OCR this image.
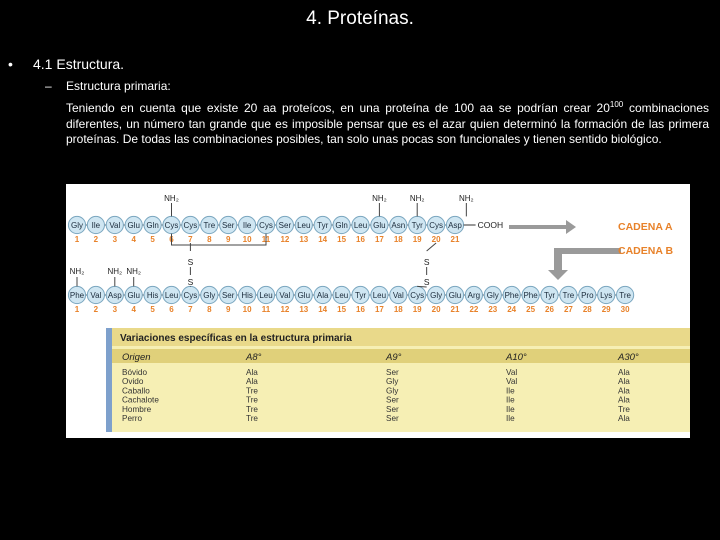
4. Proteínas.
• 4.1 Estructura.
– Estructura primaria:
Teniendo en cuenta que existe 20 aa proteícos, en una proteína de 100 aa se podrían crear $20^{100}$ combinaciones diferentes, un número tan grande que es imposible pensar que es el azar quien determinó la formación de las primera proteínas. De todas las combinaciones posibles, tan solo unas pocas son funcionales y tienen sentido biológico.
Gly
1
Ile
2
Val
3
Glu
4
Gln
5
Cys
6
Cys
7
Tre
8
Ser
9
Ile
10
Cys
11
Ser
12
Leu
13
Tyr
14
Gln
15
Leu
16
Glu
17
Asn
18
Tyr
19
Cys
20
Asp
21
COOH
NH₂	NH₂	NH₂	NH₂
Phe
1
Val
2
Asp
3
Glu
4
His
5
Leu
6
Cys
7
Gly
8
Ser
9
His
10
Leu
11
Val
12
Glu
13
Ala
14
Leu
15
Tyr
16
Leu
17
Val
18
Cys
19
Gly
20
Glu
21
Arg
22
Gly
23
Phe
24
Phe
25
Tyr
26
Tre
27
Pro
28
Lys
29
Tre
30
NH₂	NH₂ NH₂
S
S
S
S
CADENA A
CADENA B
Variaciones específicas en la estructura primaria
Origen	A8°	A9°	A10°	A30°
Bóvido	Ala	Ser	Val	Ala
Ovido	Ala	Gly	Val	Ala
Caballo	Tre	Gly	Ile	Ala
Cachalote	Tre	Ser	Ile	Ala
Hombre	Tre	Ser	Ile	Tre
Perro	Tre	Ser	Ile	Ala
